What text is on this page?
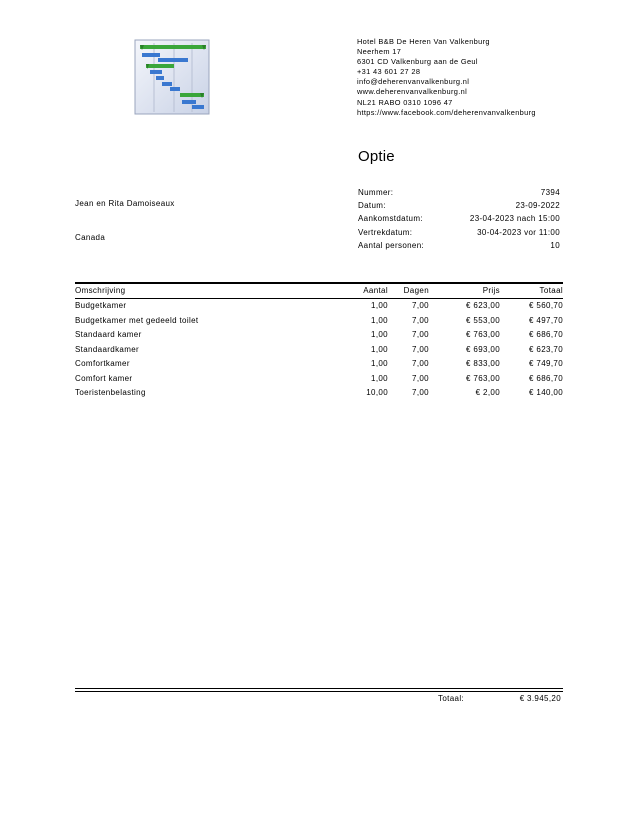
Hotel B&B De Heren Van Valkenburg
Neerhem 17
6301 CD Valkenburg aan de Geul
+31 43 601 27 28
info@deherenvanvalkenburg.nl
www.deherenvanvalkenburg.nl
NL21 RABO 0310 1096 47
https://www.facebook.com/deherenvanvalkenburg
Optie
Jean en Rita Damoiseaux
Canada
Nummer:	7394
Datum:	23-09-2022
Aankomstdatum:	23-04-2023 nach 15:00
Vertrekdatum:	30-04-2023 vor 11:00
Aantal personen:	10
Omschrijving	Aantal Dagen	Prijs	Totaal
Budgetkamer	1,00	7,00	€ 623,00	€ 560,70
Budgetkamer met gedeeld toilet	1,00	7,00	€ 553,00	€ 497,70
Standaard kamer	1,00	7,00	€ 763,00	€ 686,70
Standaardkamer	1,00	7,00	€ 693,00	€ 623,70
Comfortkamer	1,00	7,00	€ 833,00	€ 749,70
Comfort kamer	1,00	7,00	€ 763,00	€ 686,70
Toeristenbelasting	10,00	7,00	€ 2,00	€ 140,00
Totaal:	€ 3.945,20
